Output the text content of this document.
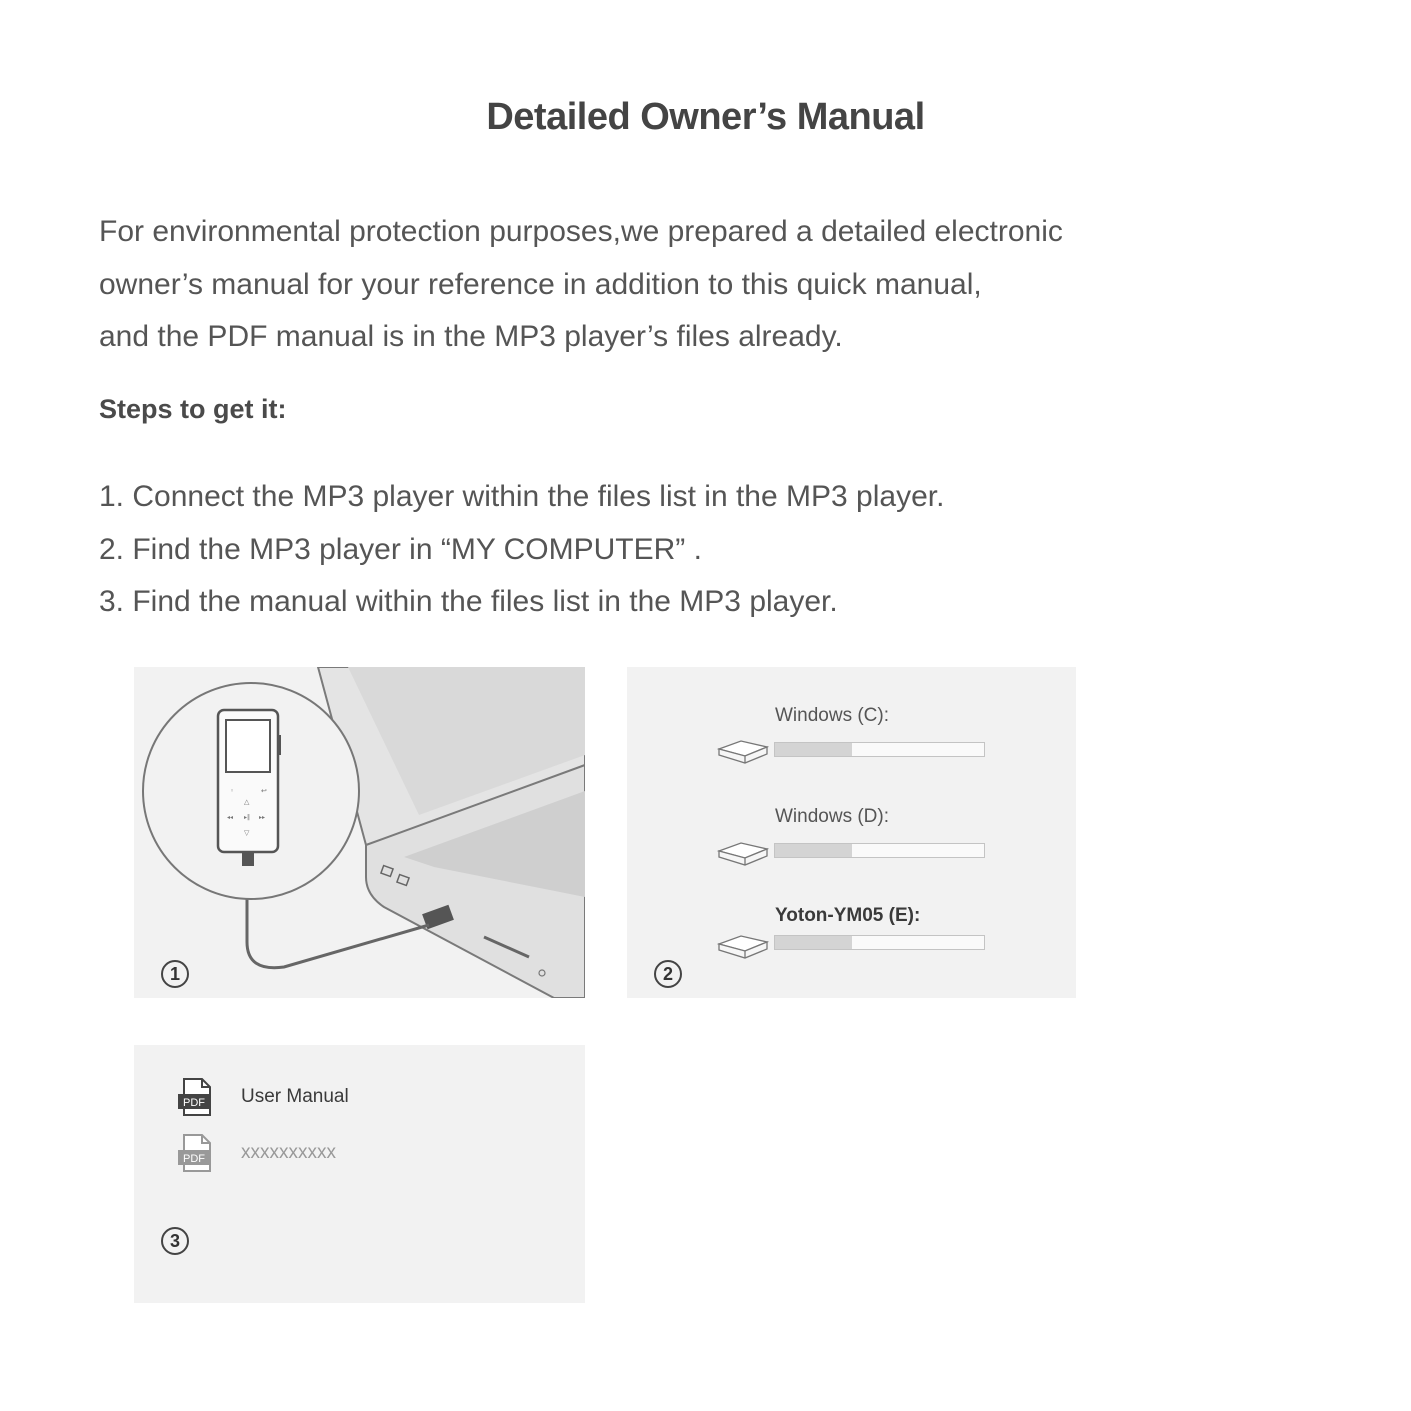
Detailed Owner’s Manual

For environmental protection purposes,we prepared a detailed electronic

owner’s manual for your reference in addition to this quick manual,

and the PDF manual is in the MP3 player’s files already.

Steps to get it:

1. Connect the MP3 player within the files list in the MP3 player.

2. Find the MP3 player in “MY COMPUTER” .

3. Find the manual within the files list in the MP3 player.

◦	↩
△
◂◂ ▸‖ ▸▸
▽
1
Windows (C):
Windows (D):
Yoton-YM05 (E):
2
PDF User Manual
PDF xxxxxxxxxx
3
